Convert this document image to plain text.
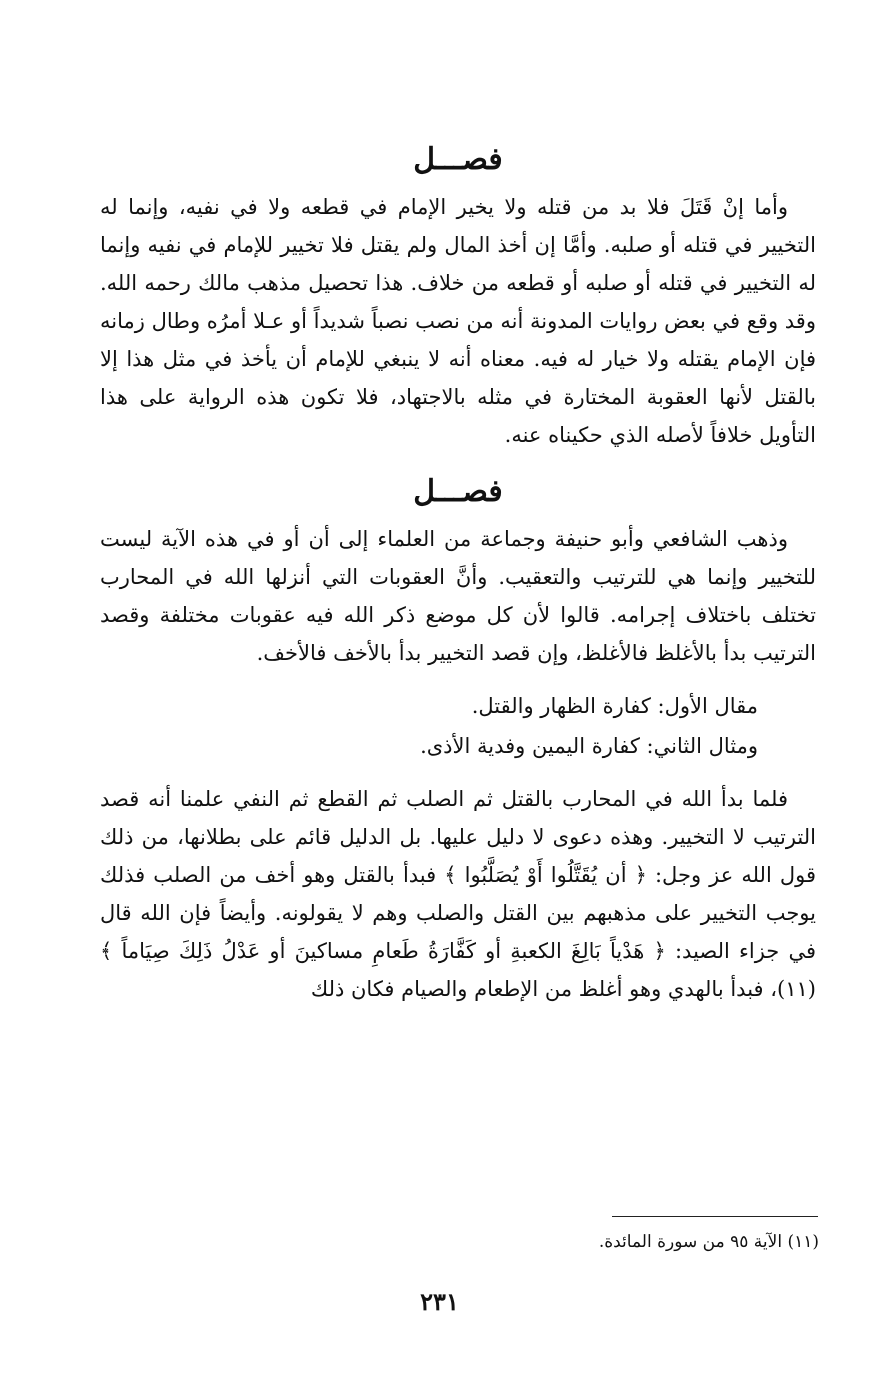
فصـــل

وأما إنْ قَتَلَ فلا بد من قتله ولا يخير الإمام في قطعه ولا في نفيه، وإنما له التخيير في قتله أو صلبه. وأمَّا إن أخذ المال ولم يقتل فلا تخيير للإمام في نفيه وإنما له التخيير في قتله أو صلبه أو قطعه من خلاف. هذا تحصيل مذهب مالك رحمه الله. وقد وقع في بعض روايات المدونة أنه من نصب نصباً شديداً أو عـلا أمرُه وطال زمانه فإن الإمام يقتله ولا خيار له فيه. معناه أنه لا ينبغي للإمام أن يأخذ في مثل هذا إلا بالقتل لأنها العقوبة المختارة في مثله بالاجتهاد، فلا تكون هذه الرواية على هذا التأويل خلافاً لأصله الذي حكيناه عنه.

فصـــل

وذهب الشافعي وأبو حنيفة وجماعة من العلماء إلى أن أو في هذه الآية ليست للتخيير وإنما هي للترتيب والتعقيب. وأنَّ العقوبات التي أنزلها الله في المحارب تختلف باختلاف إجرامه. قالوا لأن كل موضع ذكر الله فيه عقوبات مختلفة وقصد الترتيب بدأ بالأغلظ فالأغلظ، وإن قصد التخيير بدأ بالأخف فالأخف.

مقال الأول: كفارة الظهار والقتل.
ومثال الثاني: كفارة اليمين وفدية الأذى.

فلما بدأ الله في المحارب بالقتل ثم الصلب ثم القطع ثم النفي علمنا أنه قصد الترتيب لا التخيير. وهذه دعوى لا دليل عليها. بل الدليل قائم على بطلانها، من ذلك قول الله عز وجل: ﴿ أن يُقَتَّلُوا أَوْ يُصَلَّبُوا ﴾ فبدأ بالقتل وهو أخف من الصلب فذلك يوجب التخيير على مذهبهم بين القتل والصلب وهم لا يقولونه. وأيضاً فإن الله قال في جزاء الصيد: ﴿ هَدْياً بَالِغَ الكعبةِ أو كَفَّارَةُ طَعامِ مساكينَ أو عَدْلُ ذَلِكَ صِيَاماً ﴾(١١)، فبدأ بالهدي وهو أغلظ من الإطعام والصيام فكان ذلك

(١١) الآية ٩٥ من سورة المائدة.
٢٣١
